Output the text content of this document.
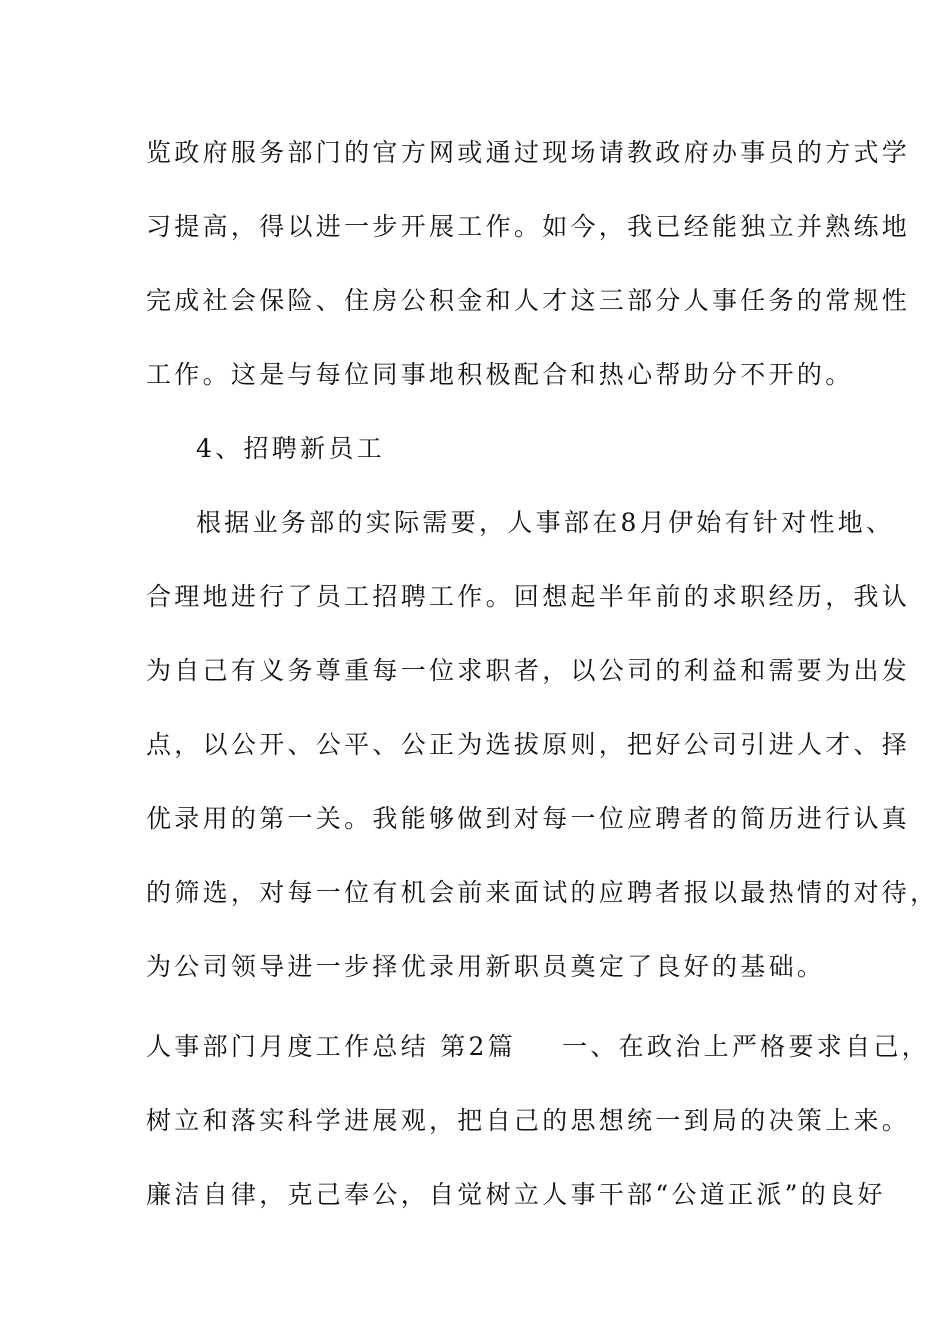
览政府服务部门的官方网或通过现场请教政府办事员的方式学
习提高，得以进一步开展工作。如今，我已经能独立并熟练地
完成社会保险、住房公积金和人才这三部分人事任务的常规性
工作。这是与每位同事地积极配合和热心帮助分不开的。
4、招聘新员工
根据业务部的实际需要，人事部在8月伊始有针对性地、
合理地进行了员工招聘工作。回想起半年前的求职经历，我认
为自己有义务尊重每一位求职者，以公司的利益和需要为出发
点，以公开、公平、公正为选拔原则，把好公司引进人才、择
优录用的第一关。我能够做到对每一位应聘者的简历进行认真
的筛选，对每一位有机会前来面试的应聘者报以最热情的对待，
为公司领导进一步择优录用新职员奠定了良好的基础。
人事部门月度工作总结 第2篇 一、在政治上严格要求自己，
树立和落实科学进展观，把自己的思想统一到局的决策上来。
廉洁自律，克己奉公，自觉树立人事干部“公道正派”的良好
